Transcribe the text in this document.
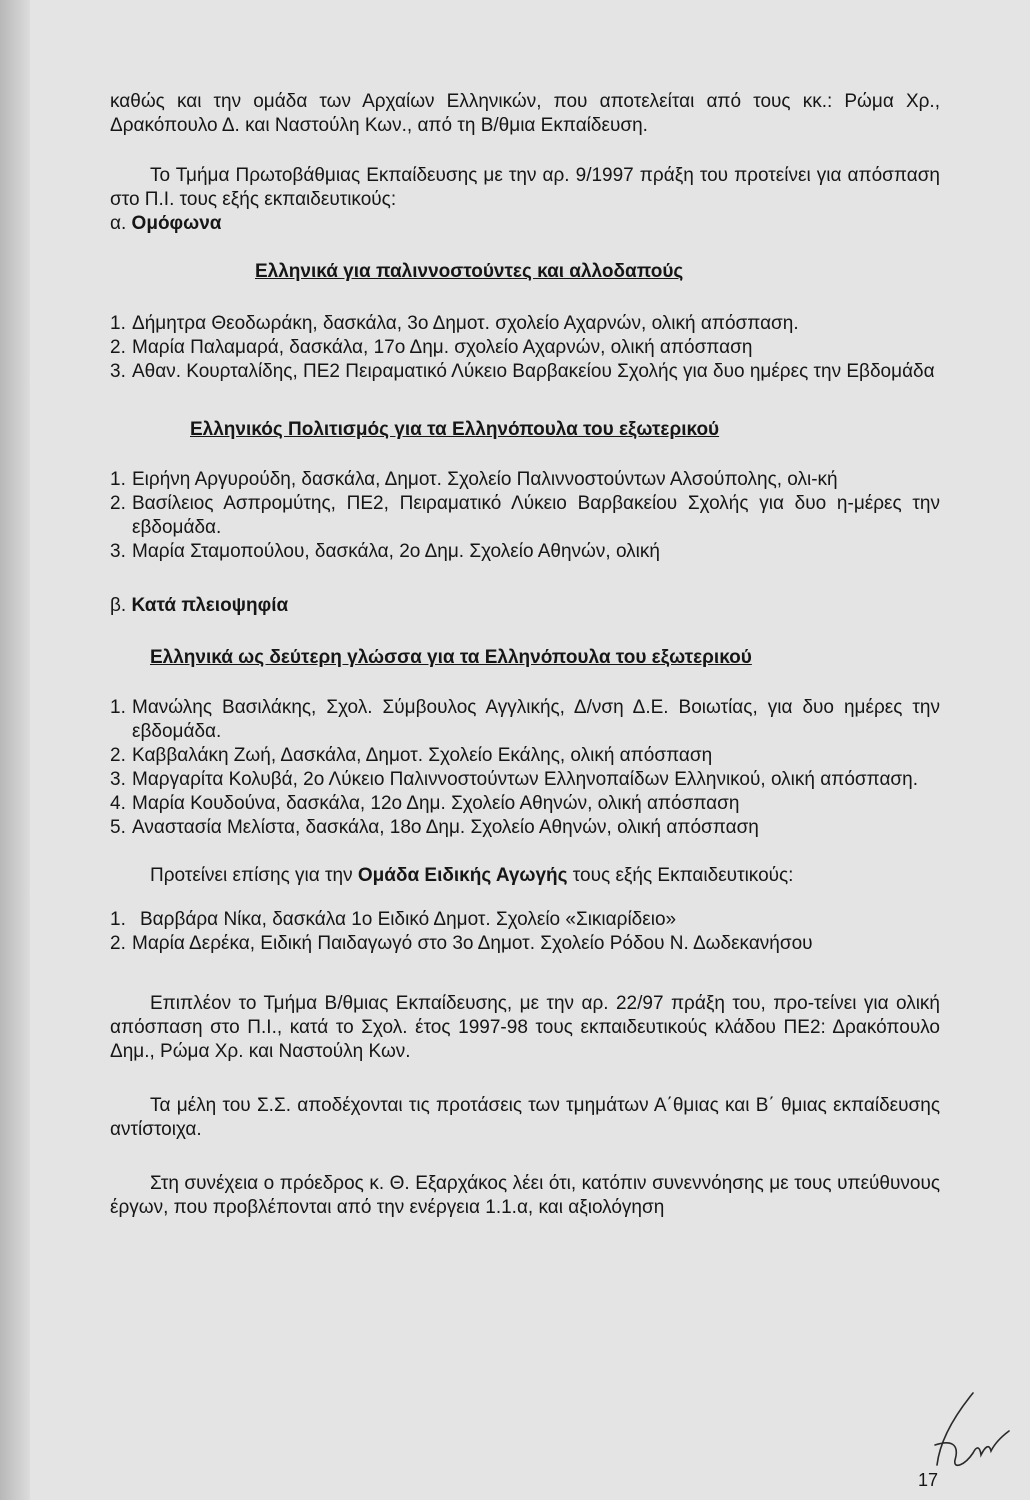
καθώς και την ομάδα των Αρχαίων Ελληνικών, που αποτελείται από τους κκ.: Ρώμα Χρ., Δρακόπουλο Δ. και Ναστούλη Κων., από τη Β/θμια Εκπαίδευση.

Το Τμήμα Πρωτοβάθμιας Εκπαίδευσης με την αρ. 9/1997 πράξη του προτείνει για απόσπαση στο Π.Ι. τους εξής εκπαιδευτικούς:

α. Ομόφωνα

Ελληνικά για παλιννοστούντες και αλλοδαπούς
1. Δήμητρα Θεοδωράκη, δασκάλα, 3ο Δημοτ. σχολείο Αχαρνών, ολική απόσπαση.
2. Μαρία Παλαμαρά, δασκάλα, 17ο Δημ. σχολείο Αχαρνών, ολική απόσπαση
3. Αθαν. Κουρταλίδης, ΠΕ2 Πειραματικό Λύκειο Βαρβακείου Σχολής για δυο ημέρες την Εβδομάδα
Ελληνικός Πολιτισμός για τα Ελληνόπουλα του εξωτερικού
1. Ειρήνη Αργυρούδη, δασκάλα, Δημοτ. Σχολείο Παλιννοστούντων Αλσούπολης, ολι-κή
2. Βασίλειος Ασπρομύτης, ΠΕ2, Πειραματικό Λύκειο Βαρβακείου Σχολής για δυο η-μέρες την εβδομάδα.
3. Μαρία Σταμοπούλου, δασκάλα, 2ο Δημ. Σχολείο Αθηνών, ολική

β. Κατά πλειοψηφία

Ελληνικά ως δεύτερη γλώσσα για τα Ελληνόπουλα του εξωτερικού
1. Μανώλης Βασιλάκης, Σχολ. Σύμβουλος Αγγλικής, Δ/νση Δ.Ε. Βοιωτίας, για δυο ημέρες την εβδομάδα.
2. Καββαλάκη Ζωή, Δασκάλα, Δημοτ. Σχολείο Εκάλης, ολική απόσπαση
3. Μαργαρίτα Κολυβά, 2ο Λύκειο Παλιννοστούντων Ελληνοπαίδων Ελληνικού, ολική απόσπαση.
4. Μαρία Κουδούνα, δασκάλα, 12ο Δημ. Σχολείο Αθηνών, ολική απόσπαση
5. Αναστασία Μελίστα, δασκάλα, 18ο Δημ. Σχολείο Αθηνών, ολική απόσπαση

Προτείνει επίσης για την Ομάδα Ειδικής Αγωγής τους εξής Εκπαιδευτικούς:

1. Βαρβάρα Νίκα, δασκάλα 1ο Ειδικό Δημοτ. Σχολείο «Σικιαρίδειο»
2. Μαρία Δερέκα, Ειδική Παιδαγωγό στο 3ο Δημοτ. Σχολείο Ρόδου Ν. Δωδεκανήσου

Επιπλέον το Τμήμα Β/θμιας Εκπαίδευσης, με την αρ. 22/97 πράξη του, προ-τείνει για ολική απόσπαση στο Π.Ι., κατά το Σχολ. έτος 1997-98 τους εκπαιδευτικούς κλάδου ΠΕ2: Δρακόπουλο Δημ., Ρώμα Χρ. και Ναστούλη Κων.

Τα μέλη του Σ.Σ. αποδέχονται τις προτάσεις των τμημάτων Α΄θμιας και Β΄ θμιας εκπαίδευσης αντίστοιχα.

Στη συνέχεια ο πρόεδρος κ. Θ. Εξαρχάκος λέει ότι, κατόπιν συνεννόησης με τους υπεύθυνους έργων, που προβλέπονται από την ενέργεια 1.1.α, και αξιολόγηση

17
